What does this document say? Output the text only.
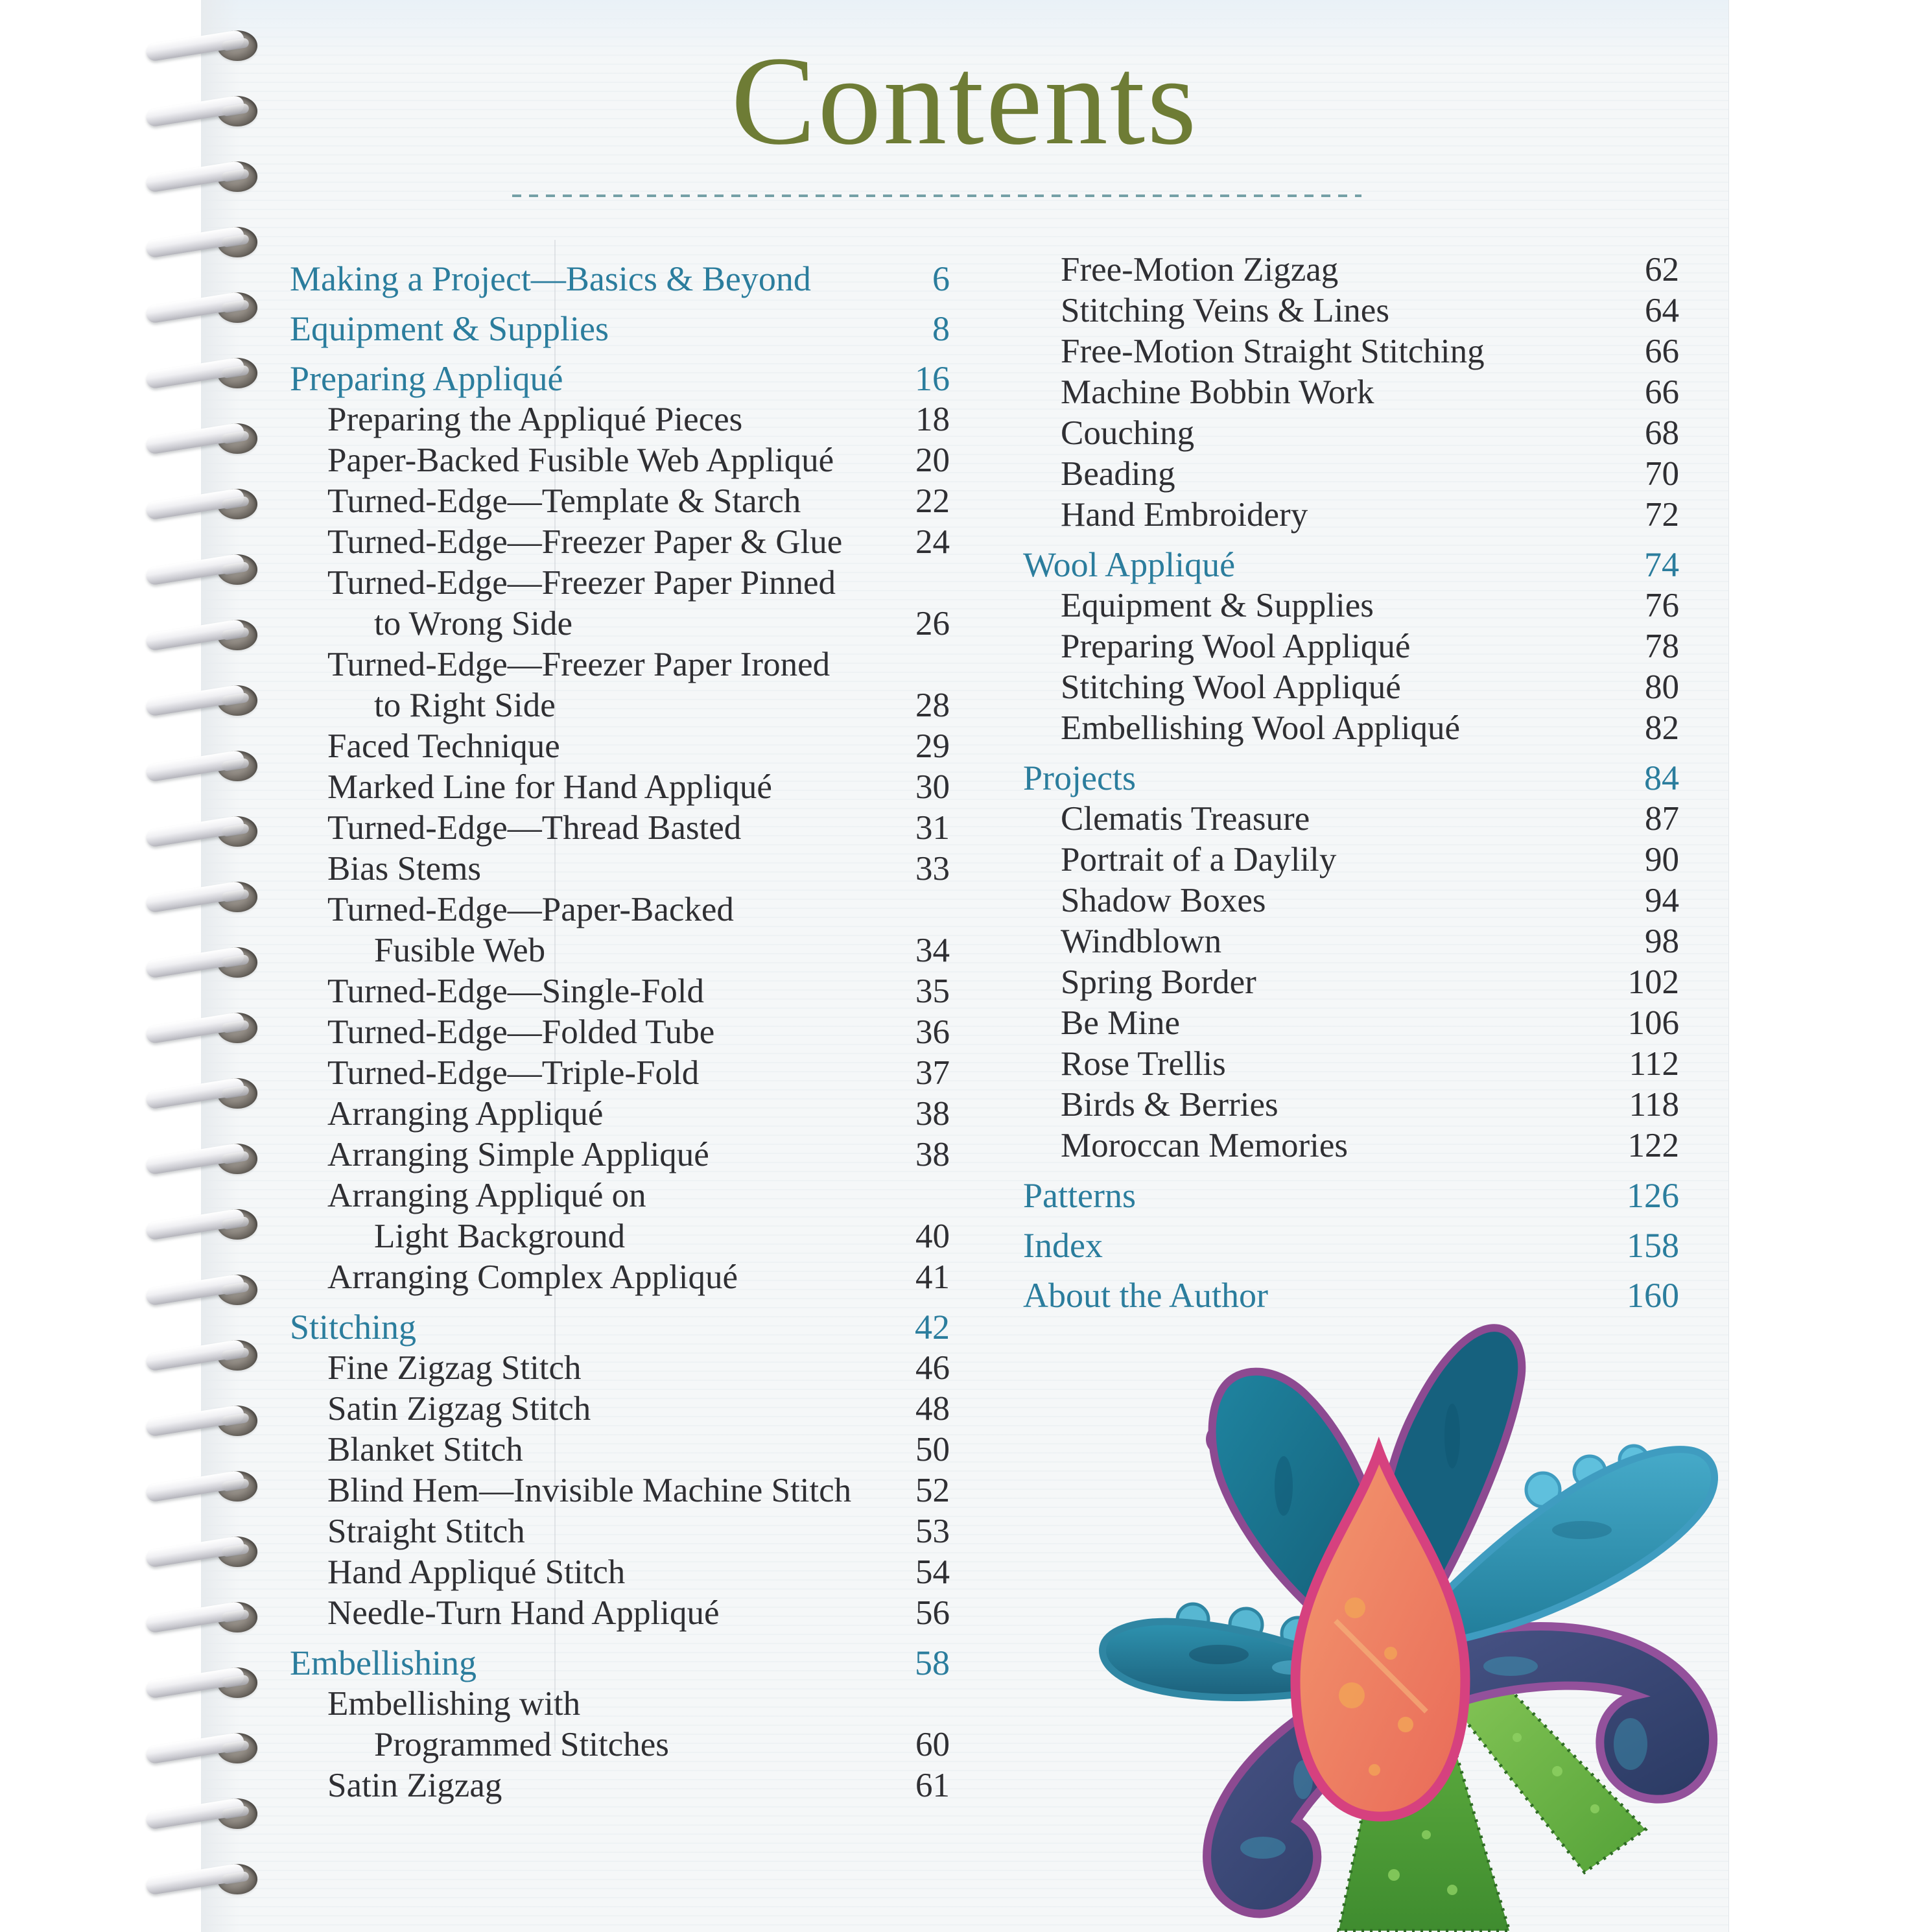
Contents
Making a Project—Basics & Beyond	6
Equipment & Supplies	8
Preparing Appliqué	16
Preparing the Appliqué Pieces	18
Paper-Backed Fusible Web Appliqué	20
Turned-Edge—Template & Starch	22
Turned-Edge—Freezer Paper & Glue	24
Turned-Edge—Freezer Paper Pinned
to Wrong Side	26
Turned-Edge—Freezer Paper Ironed
to Right Side	28
Faced Technique	29
Marked Line for Hand Appliqué	30
Turned-Edge—Thread Basted	31
Bias Stems	33
Turned-Edge—Paper-Backed
Fusible Web	34
Turned-Edge—Single-Fold	35
Turned-Edge—Folded Tube	36
Turned-Edge—Triple-Fold	37
Arranging Appliqué	38
Arranging Simple Appliqué	38
Arranging Appliqué on
Light Background	40
Arranging Complex Appliqué	41
Stitching	42
Fine Zigzag Stitch	46
Satin Zigzag Stitch	48
Blanket Stitch	50
Blind Hem—Invisible Machine Stitch	52
Straight Stitch	53
Hand Appliqué Stitch	54
Needle-Turn Hand Appliqué	56
Embellishing	58
Embellishing with
Programmed Stitches	60
Satin Zigzag	61
Free-Motion Zigzag	62
Stitching Veins & Lines	64
Free-Motion Straight Stitching	66
Machine Bobbin Work	66
Couching	68
Beading	70
Hand Embroidery	72
Wool Appliqué	74
Equipment & Supplies	76
Preparing Wool Appliqué	78
Stitching Wool Appliqué	80
Embellishing Wool Appliqué	82
Projects	84
Clematis Treasure	87
Portrait of a Daylily	90
Shadow Boxes	94
Windblown	98
Spring Border	102
Be Mine	106
Rose Trellis	112
Birds & Berries	118
Moroccan Memories	122
Patterns	126
Index	158
About the Author	160
